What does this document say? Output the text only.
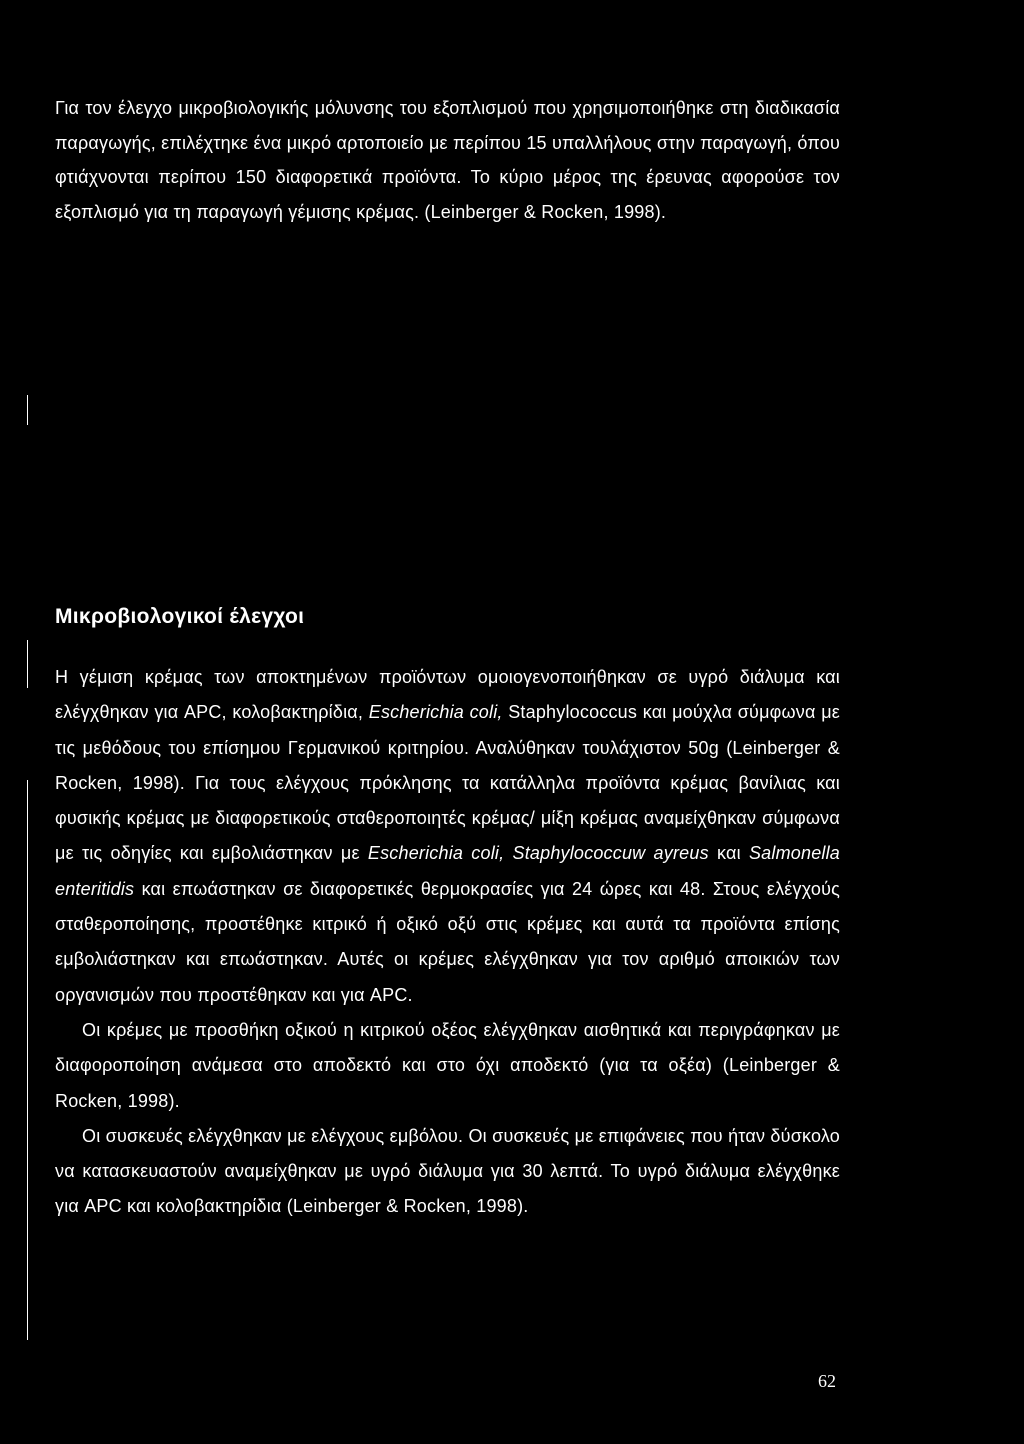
Για τον έλεγχο μικροβιολογικής μόλυνσης του εξοπλισμού που χρησιμοποιήθηκε στη διαδικασία παραγωγής, επιλέχτηκε ένα μικρό αρτοποιείο με περίπου 15 υπαλλήλους στην παραγωγή, όπου φτιάχνονται περίπου 150 διαφορετικά προϊόντα. Το κύριο μέρος της έρευνας αφορούσε τον εξοπλισμό για τη παραγωγή γέμισης κρέμας. (Leinberger & Rocken, 1998).

Μικροβιολογικοί έλεγχοι

Η γέμιση κρέμας των αποκτημένων προϊόντων ομοιογενοποιήθηκαν σε υγρό διάλυμα και ελέγχθηκαν για APC, κολοβακτηρίδια, Escherichia coli, Staphylococcus και μούχλα σύμφωνα με τις μεθόδους του επίσημου Γερμανικού κριτηρίου. Αναλύθηκαν τουλάχιστον 50g (Leinberger & Rocken, 1998). Για τους ελέγχους πρόκλησης τα κατάλληλα προϊόντα κρέμας βανίλιας και φυσικής κρέμας με διαφορετικούς σταθεροποιητές κρέμας/ μίξη κρέμας αναμείχθηκαν σύμφωνα με τις οδηγίες και εμβολιάστηκαν με Escherichia coli, Staphylococcuw ayreus και Salmonella enteritidis και επωάστηκαν σε διαφορετικές θερμοκρασίες για 24 ώρες και 48. Στους ελέγχούς σταθεροποίησης, προστέθηκε κιτρικό ή οξικό οξύ στις κρέμες και αυτά τα προϊόντα επίσης εμβολιάστηκαν και επωάστηκαν. Αυτές οι κρέμες ελέγχθηκαν για τον αριθμό αποικιών των οργανισμών που προστέθηκαν και για APC.

Οι κρέμες με προσθήκη οξικού η κιτρικού οξέος ελέγχθηκαν αισθητικά και περιγράφηκαν με διαφοροποίηση ανάμεσα στο αποδεκτό και στο όχι αποδεκτό (για τα οξέα) (Leinberger & Rocken, 1998).

Οι συσκευές ελέγχθηκαν με ελέγχους εμβόλου. Οι συσκευές με επιφάνειες που ήταν δύσκολο να κατασκευαστούν αναμείχθηκαν με υγρό διάλυμα για 30 λεπτά. Το υγρό διάλυμα ελέγχθηκε για APC και κολοβακτηρίδια (Leinberger & Rocken, 1998).

62
